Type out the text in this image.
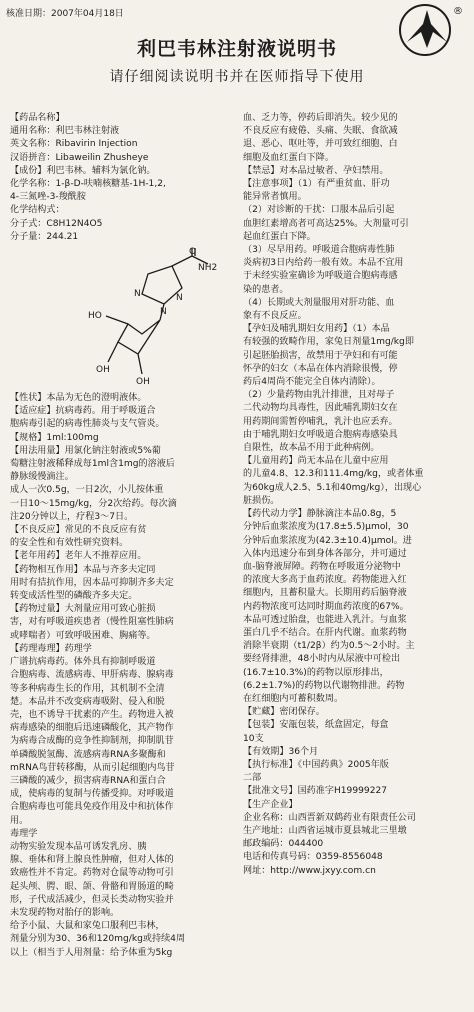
核准日期：2007年04月18日	®
利巴韦林注射液说明书
请仔细阅读说明书并在医师指导下使用
【药品名称】
通用名称：利巴韦林注射液
英文名称：Ribavirin Injection
汉语拼音：Libaweilin Zhusheye
【成份】利巴韦林。辅料为氯化钠。
化学名称：1-β-D-呋喃核糖基-1H-1,2,
4-三氮唑-3-羧酰胺
化学结构式：
分子式：C8H12N4O5
分子量：244.21
NH2
O
N
N
N
HO
OH
OH
【性状】本品为无色的澄明液体。
【适应症】抗病毒药。用于呼吸道合
胞病毒引起的病毒性肺炎与支气管炎。
【规格】1ml:100mg
【用法用量】用氯化钠注射液或5%葡
萄糖注射液稀释成每1ml含1mg的溶液后
静脉缓慢滴注。
成人一次0.5g，一日2次，小儿按体重
一日10～15mg/kg，分2次给药。每次滴
注20分钟以上，疗程3～7日。
【不良反应】常见的不良反应有贫
的安全性和有效性研究资料。
【老年用药】老年人不推荐应用。
【药物相互作用】本品与齐多夫定同
用时有拮抗作用，因本品可抑制齐多夫定
转变成活性型的磷酸齐多夫定。
【药物过量】大剂量应用可致心脏损
害，对有呼吸道疾患者（慢性阻塞性肺病
或哮喘者）可致呼吸困难、胸痛等。
【药理毒理】药理学
广谱抗病毒药。体外具有抑制呼吸道
合胞病毒、流感病毒、甲肝病毒、腺病毒
等多种病毒生长的作用，其机制不全清
楚。本品并不改变病毒吸附、侵入和脱
壳，也不诱导干扰素的产生。药物进入被
病毒感染的细胞后迅速磷酸化，其产物作
为病毒合成酶的竞争性抑制剂，抑制肌苷
单磷酸脱氢酶、流感病毒RNA多聚酶和
mRNA鸟苷转移酶，从而引起细胞内鸟苷
三磷酸的减少，损害病毒RNA和蛋白合
成，使病毒的复制与传播受抑。对呼吸道
合胞病毒也可能具免疫作用及中和抗体作
用。
毒理学
动物实验发现本品可诱发乳房、胰
腺、垂体和肾上腺良性肿瘤，但对人体的
致癌性并不肯定。药物对仓鼠等动物可引
起头颅、腭、眼、颌、骨骼和胃肠道的畸
形，子代成活减少，但灵长类动物实验并
未发现药物对胎仔的影响。
给予小鼠、大鼠和家兔口服利巴韦林，
剂量分别为30、36和120mg/kg或持续4周
以上（相当于人用剂量：给予体重为5kg
血、乏力等，停药后即消失。较少见的
不良反应有疲倦、头痛、失眠、食欲减
退、恶心、呕吐等，并可致红细胞、白
细胞及血红蛋白下降。
【禁忌】对本品过敏者、孕妇禁用。
【注意事项】（1）有严重贫血、肝功
能异常者慎用。
（2）对诊断的干扰：口服本品后引起
血胆红素增高者可高达25%。大剂量可引
起血红蛋白下降。
（3）尽早用药。呼吸道合胞病毒性肺
炎病初3日内给药一般有效。本品不宜用
于未经实验室确诊为呼吸道合胞病毒感
染的患者。
（4）长期或大剂量服用对肝功能、血
象有不良反应。
【孕妇及哺乳期妇女用药】（1）本品
有较强的致畸作用，家兔日剂量1mg/kg即
引起胚胎损害，故禁用于孕妇和有可能
怀孕的妇女（本品在体内消除很慢，停
药后4周尚不能完全自体内清除）。
（2）少量药物由乳汁排泄，且对母子
二代动物均具毒性，因此哺乳期妇女在
用药期间需暂停哺乳，乳汁也应丢弃。
由于哺乳期妇女呼吸道合胞病毒感染具
自限性，故本品不用于此种病例。
【儿童用药】尚无本品在儿童中应用
的儿童4.8、12.3和111.4mg/kg，或者体重
为60kg成人2.5、5.1和40mg/kg），出现心
脏损伤。
【药代动力学】静脉滴注本品0.8g，5
分钟后血浆浓度为(17.8±5.5)μmol，30
分钟后血浆浓度为(42.3±10.4)μmol。进
入体内迅速分布到身体各部分，并可通过
血-脑脊液屏障。药物在呼吸道分泌物中
的浓度大多高于血药浓度。药物能进入红
细胞内，且蓄积量大。长期用药后脑脊液
内药物浓度可达同时期血药浓度的67%。
本品可透过胎盘，也能进入乳汁。与血浆
蛋白几乎不结合。在肝内代谢。血浆药物
消除半衰期（t1/2β）约为0.5～2小时。主
要经肾排泄，48小时内从尿液中可检出
(16.7±10.3%)的药物以原形排出，
(6.2±1.7%)的药物以代谢物排泄。药物
在红细胞内可蓄积数周。
【贮藏】密闭保存。
【包装】安瓿包装，纸盒固定，每盒
10支
【有效期】36个月
【执行标准】《中国药典》2005年版
二部
【批准文号】国药准字H19999227
【生产企业】
企业名称：山西晋新双鹤药业有限责任公司
生产地址：山西省运城市夏县城北三里墩
邮政编码：044400
电话和传真号码：0359-8556048
网址：http://www.jxyy.com.cn
